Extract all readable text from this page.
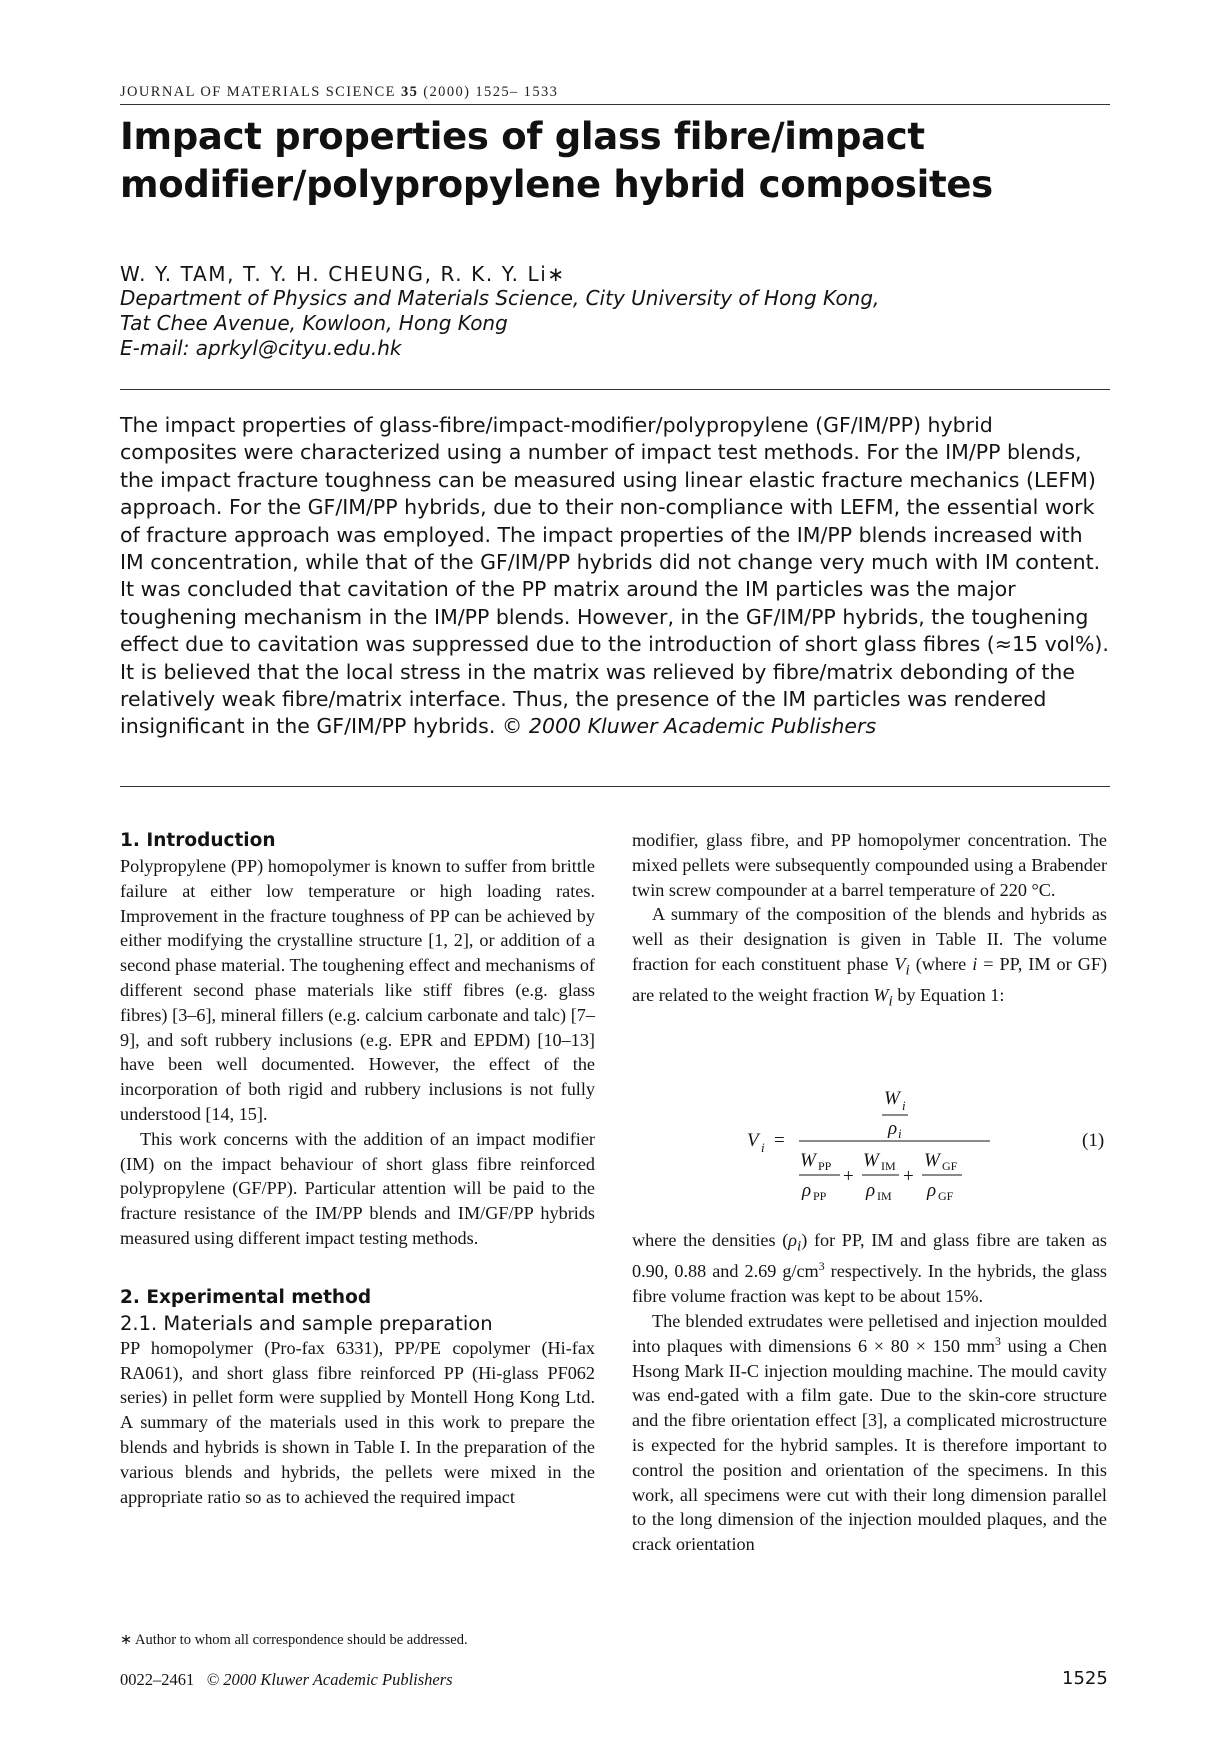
JOURNAL OF MATERIALS SCIENCE 35 (2000) 1525– 1533
Impact properties of glass fibre/impact
modifier/polypropylene hybrid composites
W. Y. TAM, T. Y. H. CHEUNG, R. K. Y. Li∗
Department of Physics and Materials Science, City University of Hong Kong,
Tat Chee Avenue, Kowloon, Hong Kong
E-mail: aprkyl@cityu.edu.hk
The impact properties of glass-fibre/impact-modifier/polypropylene (GF/IM/PP) hybrid composites were characterized using a number of impact test methods. For the IM/PP blends, the impact fracture toughness can be measured using linear elastic fracture mechanics (LEFM) approach. For the GF/IM/PP hybrids, due to their non-compliance with LEFM, the essential work of fracture approach was employed. The impact properties of the IM/PP blends increased with IM concentration, while that of the GF/IM/PP hybrids did not change very much with IM content. It was concluded that cavitation of the PP matrix around the IM particles was the major toughening mechanism in the IM/PP blends. However, in the GF/IM/PP hybrids, the toughening effect due to cavitation was suppressed due to the introduction of short glass fibres (≈15 vol%). It is believed that the local stress in the matrix was relieved by fibre/matrix debonding of the relatively weak fibre/matrix interface. Thus, the presence of the IM particles was rendered insignificant in the GF/IM/PP hybrids. © 2000 Kluwer Academic Publishers
1. Introduction

Polypropylene (PP) homopolymer is known to suffer from brittle failure at either low temperature or high loading rates. Improvement in the fracture toughness of PP can be achieved by either modifying the crystalline structure [1, 2], or addition of a second phase material. The toughening effect and mechanisms of different second phase materials like stiff fibres (e.g. glass fibres) [3–6], mineral fillers (e.g. calcium carbonate and talc) [7–9], and soft rubbery inclusions (e.g. EPR and EPDM) [10–13] have been well documented. However, the effect of the incorporation of both rigid and rubbery inclusions is not fully understood [14, 15].

This work concerns with the addition of an impact modifier (IM) on the impact behaviour of short glass fibre reinforced polypropylene (GF/PP). Particular attention will be paid to the fracture resistance of the IM/PP blends and IM/GF/PP hybrids measured using different impact testing methods.

2. Experimental method
2.1. Materials and sample preparation

PP homopolymer (Pro-fax 6331), PP/PE copolymer (Hi-fax RA061), and short glass fibre reinforced PP (Hi-glass PF062 series) in pellet form were supplied by Montell Hong Kong Ltd. A summary of the materials used in this work to prepare the blends and hybrids is shown in Table I. In the preparation of the various blends and hybrids, the pellets were mixed in the appropriate ratio so as to achieved the required impact

modifier, glass fibre, and PP homopolymer concentration. The mixed pellets were subsequently compounded using a Brabender twin screw compounder at a barrel temperature of 220 °C.

A summary of the composition of the blends and hybrids as well as their designation is given in Table II. The volume fraction for each constituent phase $V_i$ (where i = PP, IM or GF) are related to the weight fraction $W_i$ by Equation 1:

V i =
W i
ρ i
W PP
ρ PP
+
W IM
ρ IM
+
W GF
ρ GF
(1)

where the densities $(\rho_i)$ for PP, IM and glass fibre are taken as 0.90, 0.88 and 2.69 $g/cm^3$ respectively. In the hybrids, the glass fibre volume fraction was kept to be about 15%.

The blended extrudates were pelletised and injection moulded into plaques with dimensions 6 × 80 × 150 $mm^3$ using a Chen Hsong Mark II-C injection moulding machine. The mould cavity was end-gated with a film gate. Due to the skin-core structure and the fibre orientation effect [3], a complicated microstructure is expected for the hybrid samples. It is therefore important to control the position and orientation of the specimens. In this work, all specimens were cut with their long dimension parallel to the long dimension of the injection moulded plaques, and the crack orientation

∗ Author to whom all correspondence should be addressed.
0022–2461 © 2000 Kluwer Academic Publishers	1525
